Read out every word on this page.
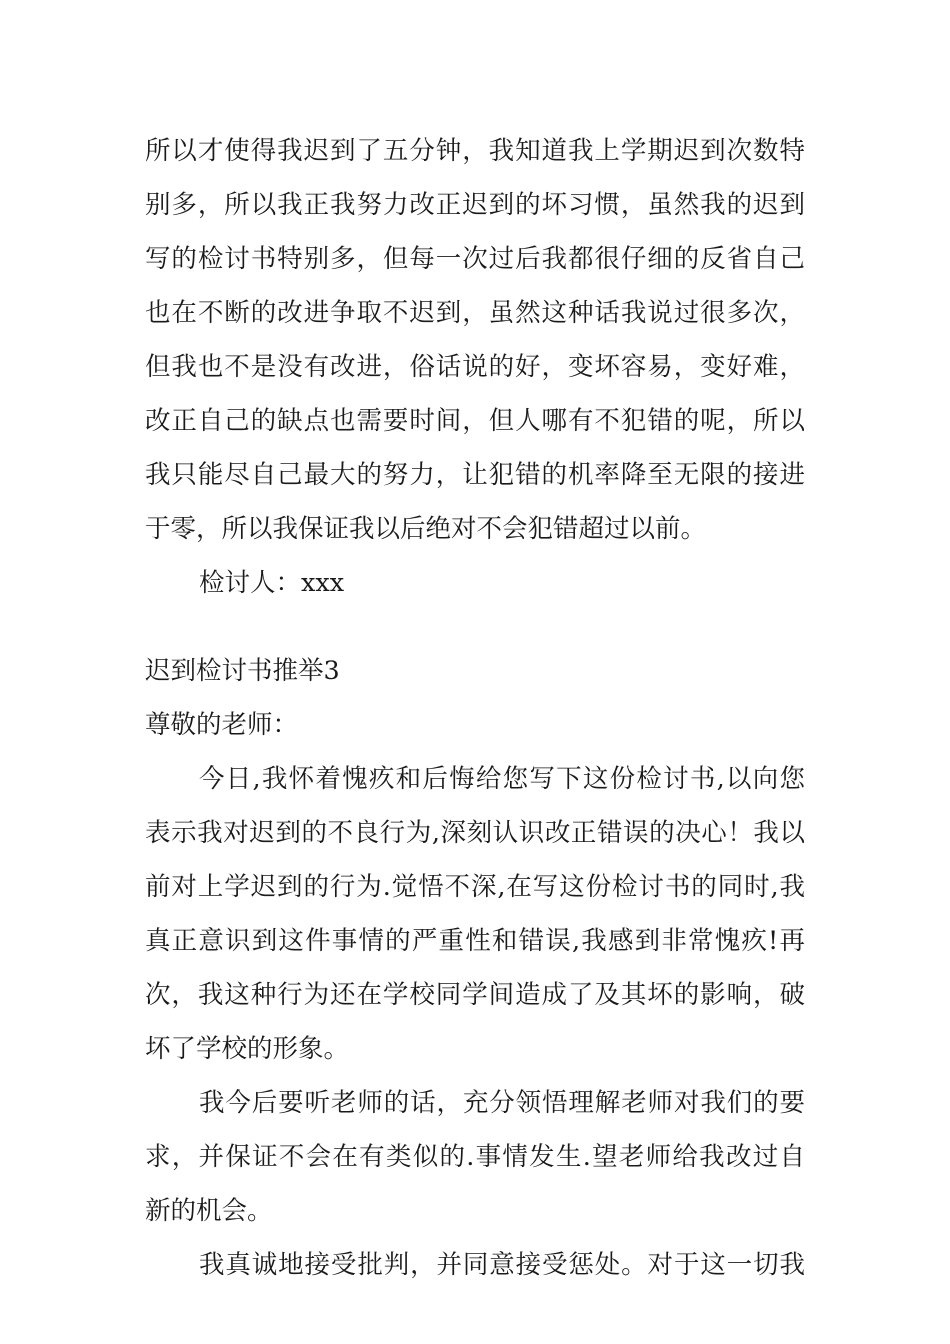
所以才使得我迟到了五分钟，我知道我上学期迟到次数特
别多，所以我正我努力改正迟到的坏习惯，虽然我的迟到
写的检讨书特别多，但每一次过后我都很仔细的反省自己
也在不断的改进争取不迟到，虽然这种话我说过很多次，
但我也不是没有改进，俗话说的好，变坏容易，变好难，
改正自己的缺点也需要时间，但人哪有不犯错的呢，所以
我只能尽自己最大的努力，让犯错的机率降至无限的接进
于零，所以我保证我以后绝对不会犯错超过以前。
检讨人：xxx
迟到检讨书推举3
尊敬的老师：
今日,我怀着愧疚和后悔给您写下这份检讨书,以向您
表示我对迟到的不良行为,深刻认识改正错误的决心！我以
前对上学迟到的行为.觉悟不深,在写这份检讨书的同时,我
真正意识到这件事情的严重性和错误,我感到非常愧疚!再
次，我这种行为还在学校同学间造成了及其坏的影响，破
坏了学校的形象。
我今后要听老师的话，充分领悟理解老师对我们的要
求，并保证不会在有类似的.事情发生.望老师给我改过自
新的机会。
我真诚地接受批判，并同意接受惩处。对于这一切我
